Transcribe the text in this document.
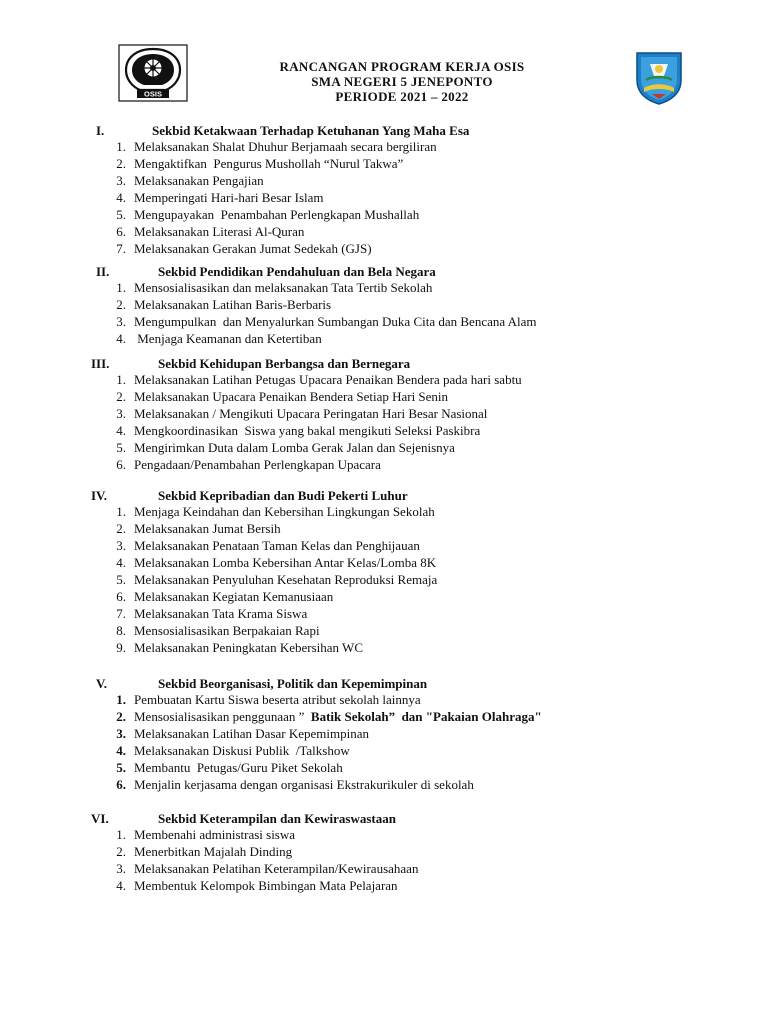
OSIS
RANCANGAN PROGRAM KERJA OSIS
SMA NEGERI 5 JENEPONTO
PERIODE 2021 – 2022
I.	Sekbid Ketakwaan Terhadap Ketuhanan Yang Maha Esa
1. Melaksanakan Shalat Dhuhur Berjamaah secara bergiliran
2. Mengaktifkan  Pengurus Mushollah “Nurul Takwa”
3. Melaksanakan Pengajian
4. Memperingati Hari-hari Besar Islam
5. Mengupayakan  Penambahan Perlengkapan Mushallah
6. Melaksanakan Literasi Al-Quran
7. Melaksanakan Gerakan Jumat Sedekah (GJS)
II.	Sekbid Pendidikan Pendahuluan dan Bela Negara
1. Mensosialisasikan dan melaksanakan Tata Tertib Sekolah
2. Melaksanakan Latihan Baris-Berbaris
3. Mengumpulkan  dan Menyalurkan Sumbangan Duka Cita dan Bencana Alam
4. Menjaga Keamanan dan Ketertiban
III.	Sekbid Kehidupan Berbangsa dan Bernegara
1. Melaksanakan Latihan Petugas Upacara Penaikan Bendera pada hari sabtu
2. Melaksanakan Upacara Penaikan Bendera Setiap Hari Senin
3. Melaksanakan / Mengikuti Upacara Peringatan Hari Besar Nasional
4. Mengkoordinasikan  Siswa yang bakal mengikuti Seleksi Paskibra
5. Mengirimkan Duta dalam Lomba Gerak Jalan dan Sejenisnya
6. Pengadaan/Penambahan Perlengkapan Upacara
IV.	Sekbid Kepribadian dan Budi Pekerti Luhur
1. Menjaga Keindahan dan Kebersihan Lingkungan Sekolah
2. Melaksanakan Jumat Bersih
3. Melaksanakan Penataan Taman Kelas dan Penghijauan
4. Melaksanakan Lomba Kebersihan Antar Kelas/Lomba 8K
5. Melaksanakan Penyuluhan Kesehatan Reproduksi Remaja
6. Melaksanakan Kegiatan Kemanusiaan
7. Melaksanakan Tata Krama Siswa
8. Mensosialisasikan Berpakaian Rapi
9. Melaksanakan Peningkatan Kebersihan WC
V.	Sekbid Beorganisasi, Politik dan Kepemimpinan
1. Pembuatan Kartu Siswa beserta atribut sekolah lainnya
2. Mensosialisasikan penggunaan ”  Batik Sekolah”  dan "Pakaian Olahraga"
3. Melaksanakan Latihan Dasar Kepemimpinan
4. Melaksanakan Diskusi Publik  /Talkshow
5. Membantu  Petugas/Guru Piket Sekolah
6. Menjalin kerjasama dengan organisasi Ekstrakurikuler di sekolah
VI.	Sekbid Keterampilan dan Kewiraswastaan
1. Membenahi administrasi siswa
2. Menerbitkan Majalah Dinding
3. Melaksanakan Pelatihan Keterampilan/Kewirausahaan
4. Membentuk Kelompok Bimbingan Mata Pelajaran
